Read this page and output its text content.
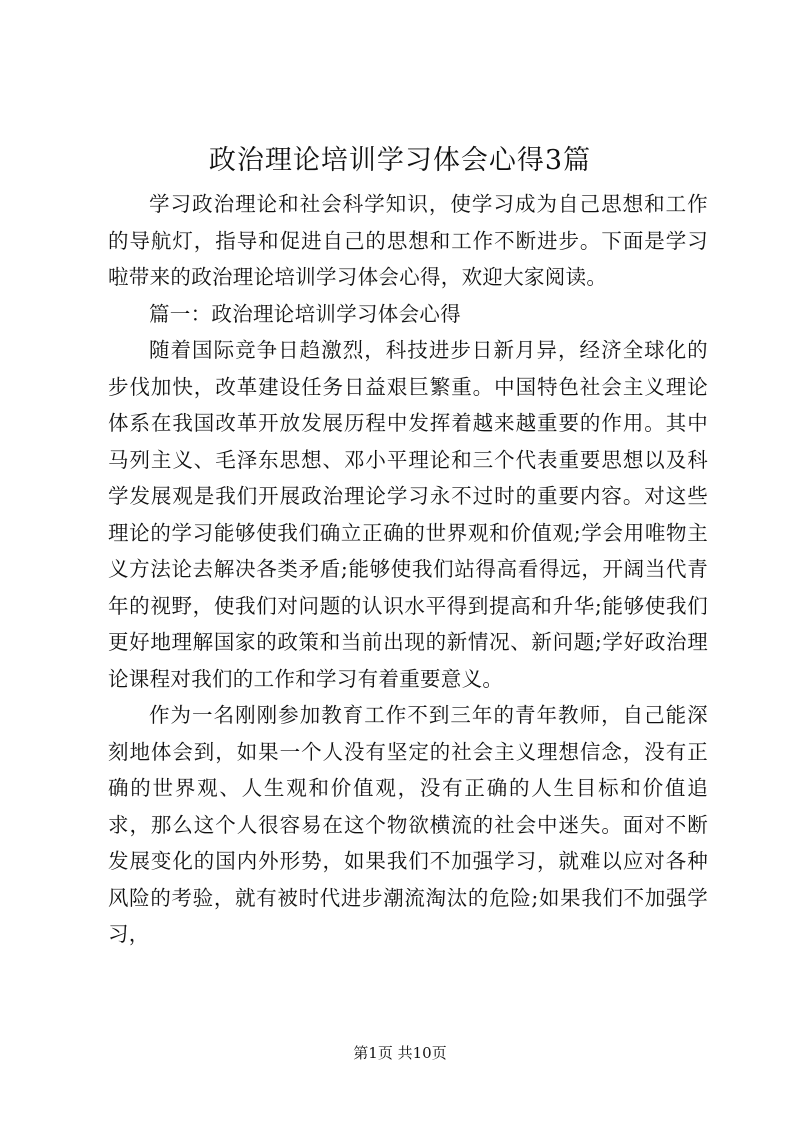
政治理论培训学习体会心得3篇

学习政治理论和社会科学知识，使学习成为自己思想和工作的导航灯，指导和促进自己的思想和工作不断进步。下面是学习啦带来的政治理论培训学习体会心得，欢迎大家阅读。

篇一：政治理论培训学习体会心得

随着国际竞争日趋激烈，科技进步日新月异，经济全球化的步伐加快，改革建设任务日益艰巨繁重。中国特色社会主义理论体系在我国改革开放发展历程中发挥着越来越重要的作用。其中马列主义、毛泽东思想、邓小平理论和三个代表重要思想以及科学发展观是我们开展政治理论学习永不过时的重要内容。对这些理论的学习能够使我们确立正确的世界观和价值观;学会用唯物主义方法论去解决各类矛盾;能够使我们站得高看得远，开阔当代青年的视野，使我们对问题的认识水平得到提高和升华;能够使我们更好地理解国家的政策和当前出现的新情况、新问题;学好政治理论课程对我们的工作和学习有着重要意义。

作为一名刚刚参加教育工作不到三年的青年教师，自己能深刻地体会到，如果一个人没有坚定的社会主义理想信念，没有正确的世界观、人生观和价值观，没有正确的人生目标和价值追求，那么这个人很容易在这个物欲横流的社会中迷失。面对不断发展变化的国内外形势，如果我们不加强学习，就难以应对各种风险的考验，就有被时代进步潮流淘汰的危险;如果我们不加强学习，

第1页 共10页
